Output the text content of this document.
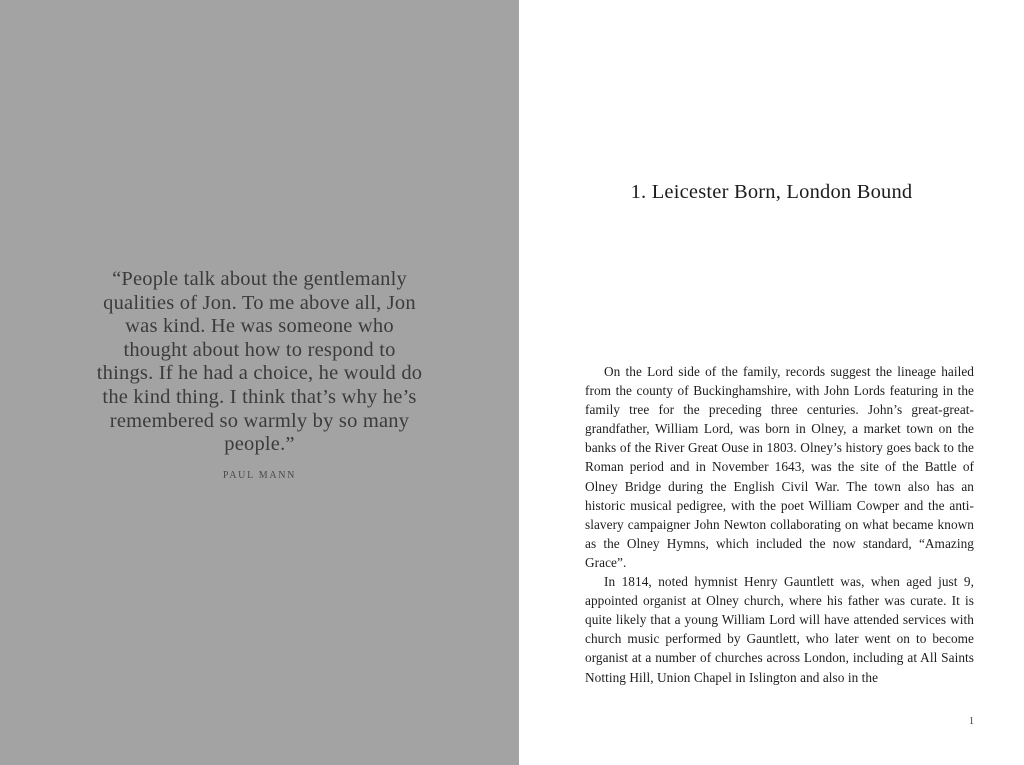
“People talk about the gentlemanly qualities of Jon. To me above all, Jon was kind. He was someone who thought about how to respond to things. If he had a choice, he would do the kind thing. I think that’s why he’s remembered so warmly by so many people.”
PAUL MANN
1. Leicester Born, London Bound

On the Lord side of the family, records suggest the lineage hailed from the county of Buckinghamshire, with John Lords featuring in the family tree for the preceding three centuries. John’s great-great-grandfather, William Lord, was born in Olney, a market town on the banks of the River Great Ouse in 1803. Olney’s history goes back to the Roman period and in November 1643, was the site of the Battle of Olney Bridge during the English Civil War. The town also has an historic musical pedigree, with the poet William Cowper and the anti-slavery campaigner John Newton collaborating on what became known as the Olney Hymns, which included the now standard, “Amazing Grace”.

In 1814, noted hymnist Henry Gauntlett was, when aged just 9, appointed organist at Olney church, where his father was curate. It is quite likely that a young William Lord will have attended services with church music performed by Gauntlett, who later went on to become organist at a number of churches across London, including at All Saints Notting Hill, Union Chapel in Islington and also in the

1
